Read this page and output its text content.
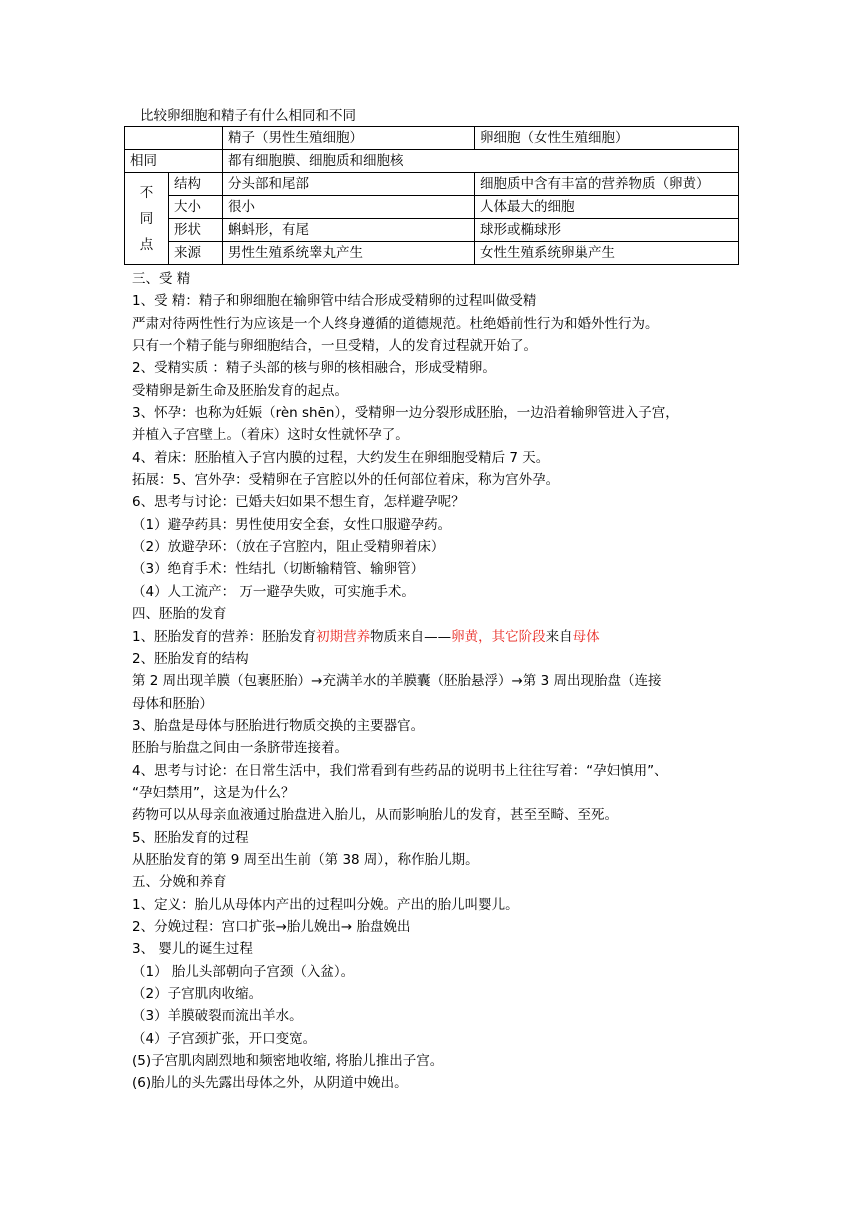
比较卵细胞和精子有什么相同和不同
		精子（男性生殖细胞）	卵细胞（女性生殖细胞）
相同		都有细胞膜、细胞质和细胞核	
不同点	结构	分头部和尾部	细胞质中含有丰富的营养物质（卵黄）
	大小	很小	人体最大的细胞
	形状	蝌蚪形，有尾	球形或椭球形
	来源	男性生殖系统睾丸产生	女性生殖系统卵巢产生
三、受 精
1、受 精：精子和卵细胞在输卵管中结合形成受精卵的过程叫做受精
严肃对待两性性行为应该是一个人终身遵循的道德规范。杜绝婚前性行为和婚外性行为。
只有一个精子能与卵细胞结合，一旦受精，人的发育过程就开始了。
2、受精实质 ：精子头部的核与卵的核相融合，形成受精卵。
受精卵是新生命及胚胎发育的起点。
3、怀孕：也称为妊娠（rèn shēn），受精卵一边分裂形成胚胎，一边沿着输卵管进入子宫，
并植入子宫壁上。（着床）这时女性就怀孕了。
4、着床：胚胎植入子宫内膜的过程，大约发生在卵细胞受精后 7 天。
拓展：5、宫外孕：受精卵在子宫腔以外的任何部位着床，称为宫外孕。
6、思考与讨论：已婚夫妇如果不想生育，怎样避孕呢？
（1）避孕药具：男性使用安全套，女性口服避孕药。
（2）放避孕环：（放在子宫腔内，阻止受精卵着床）
（3）绝育手术：性结扎（切断输精管、输卵管）
（4）人工流产： 万一避孕失败，可实施手术。
四、胚胎的发育
1、胚胎发育的营养：胚胎发育初期营养物质来自——卵黄，其它阶段来自母体
2、胚胎发育的结构
第 2 周出现羊膜（包裹胚胎）→充满羊水的羊膜囊（胚胎悬浮）→第 3 周出现胎盘（连接
母体和胚胎）
3、胎盘是母体与胚胎进行物质交换的主要器官。
胚胎与胎盘之间由一条脐带连接着。
4、思考与讨论：在日常生活中，我们常看到有些药品的说明书上往往写着：“孕妇慎用”、
“孕妇禁用”，这是为什么？
药物可以从母亲血液通过胎盘进入胎儿，从而影响胎儿的发育，甚至至畸、至死。
5、胚胎发育的过程
从胚胎发育的第 9 周至出生前（第 38 周），称作胎儿期。
五、分娩和养育
1、定义：胎儿从母体内产出的过程叫分娩。产出的胎儿叫婴儿。
2、分娩过程：宫口扩张→胎儿娩出→ 胎盘娩出
3、 婴儿的诞生过程
（1） 胎儿头部朝向子宫颈（入盆）。
（2）子宫肌肉收缩。
（3）羊膜破裂而流出羊水。
（4）子宫颈扩张，开口变宽。
(5)子宫肌肉剧烈地和频密地收缩, 将胎儿推出子宫。
(6)胎儿的头先露出母体之外，从阴道中娩出。
